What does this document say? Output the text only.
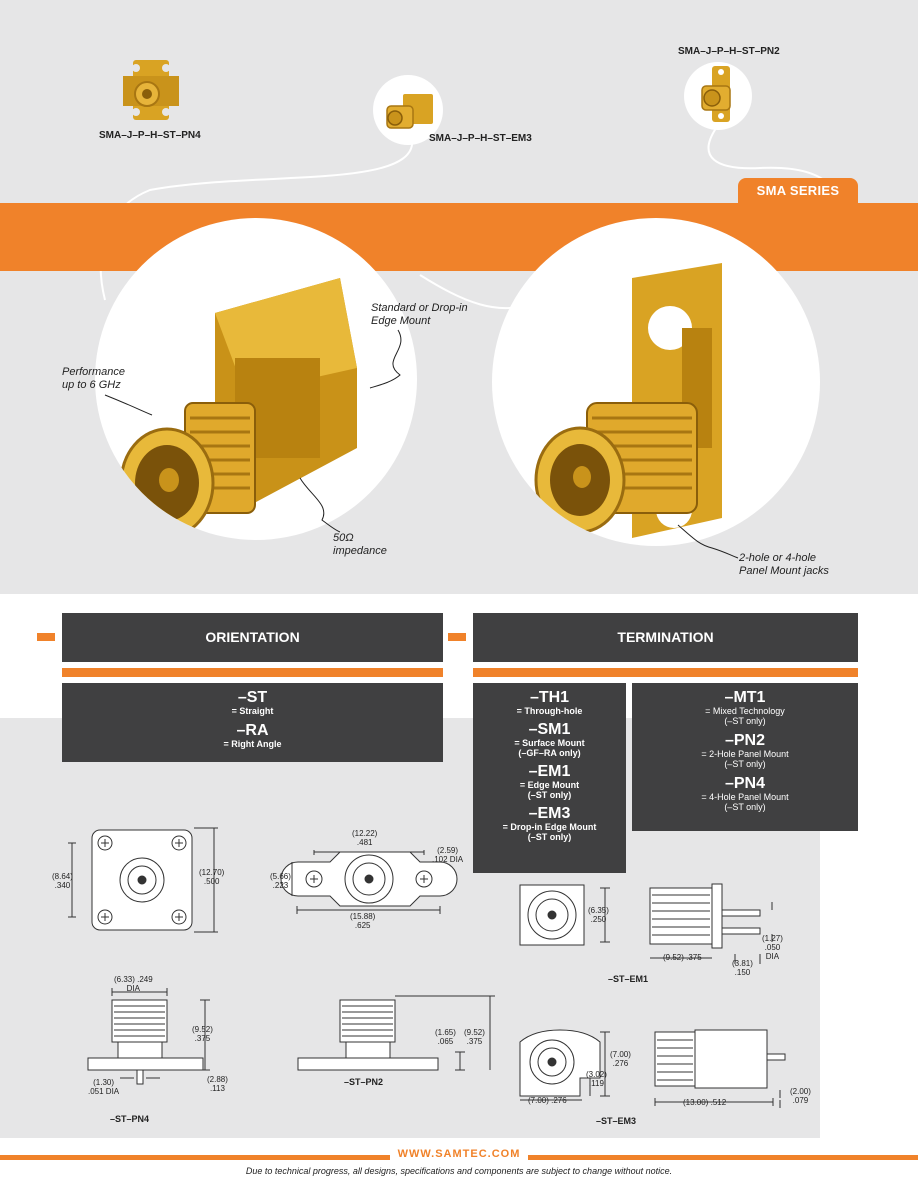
SMA–J–P–H–ST–PN4	SMA–J–P–H–ST–EM3
SMA–J–P–H–ST–PN2
SMA SERIES
Standard or Drop-in
Edge Mount
Performance
up to 6 GHz
50Ω
impedance
2-hole or 4-hole
Panel Mount jacks
ORIENTATION	TERMINATION
–ST
= Straight
–RA
= Right Angle
–TH1
= Through-hole
–SM1
= Surface Mount
(–GF–RA only)
–EM1
= Edge Mount
(–ST only)
–EM3
= Drop-in Edge Mount
(–ST only)
–MT1
= Mixed Technology
(–ST only)
–PN2
= 2-Hole Panel Mount
(–ST only)
–PN4
= 4-Hole Panel Mount
(–ST only)
(8.64)
.340
(12.70)
.500
(12.22)
.481
(2.59)
.102 DIA
(5.66)
.223
(15.88)
.625
(6.35)
.250
(9.52) .375
(1.27)
.050
DIA
(3.81)
.150
(6.33) .249
DIA
(9.52)
.375
(1.30)
.051 DIA
(2.88)
.113
(1.65)
.065
(9.52)
.375
(7.00)
.276
(3.02)
.119
(7.00) .276	(13.00) .512
(2.00)
.079
–ST–EM1
–ST–PN4
–ST–PN2
–ST–EM3
WWW.SAMTEC.COM
Due to technical progress, all designs, specifications and components are subject to change without notice.
